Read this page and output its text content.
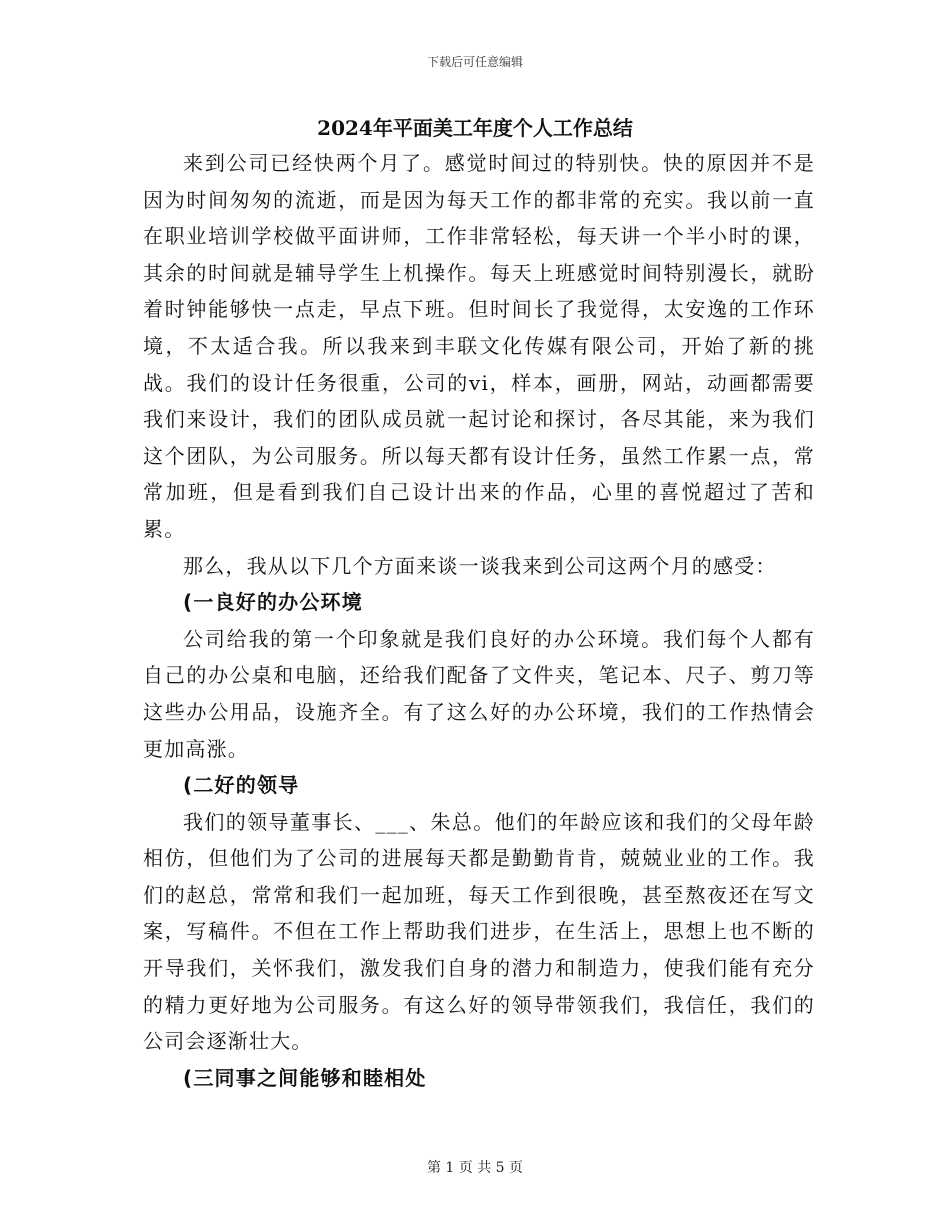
下载后可任意编辑
2024年平面美工年度个人工作总结

来到公司已经快两个月了。感觉时间过的特别快。快的原因并不是因为时间匆匆的流逝，而是因为每天工作的都非常的充实。我以前一直在职业培训学校做平面讲师，工作非常轻松，每天讲一个半小时的课，其余的时间就是辅导学生上机操作。每天上班感觉时间特别漫长，就盼着时钟能够快一点走，早点下班。但时间长了我觉得，太安逸的工作环境，不太适合我。所以我来到丰联文化传媒有限公司，开始了新的挑战。我们的设计任务很重，公司的vi，样本，画册，网站，动画都需要我们来设计，我们的团队成员就一起讨论和探讨，各尽其能，来为我们这个团队，为公司服务。所以每天都有设计任务，虽然工作累一点，常常加班，但是看到我们自己设计出来的作品，心里的喜悦超过了苦和累。

那么，我从以下几个方面来谈一谈我来到公司这两个月的感受：

(一良好的办公环境

公司给我的第一个印象就是我们良好的办公环境。我们每个人都有自己的办公桌和电脑，还给我们配备了文件夹，笔记本、尺子、剪刀等这些办公用品，设施齐全。有了这么好的办公环境，我们的工作热情会更加高涨。

(二好的领导

我们的领导董事长、___、朱总。他们的年龄应该和我们的父母年龄相仿，但他们为了公司的进展每天都是勤勤肯肯，兢兢业业的工作。我们的赵总，常常和我们一起加班，每天工作到很晚，甚至熬夜还在写文案，写稿件。不但在工作上帮助我们进步，在生活上，思想上也不断的开导我们，关怀我们，激发我们自身的潜力和制造力，使我们能有充分的精力更好地为公司服务。有这么好的领导带领我们，我信任，我们的公司会逐渐壮大。

(三同事之间能够和睦相处
第 1 页 共 5 页
